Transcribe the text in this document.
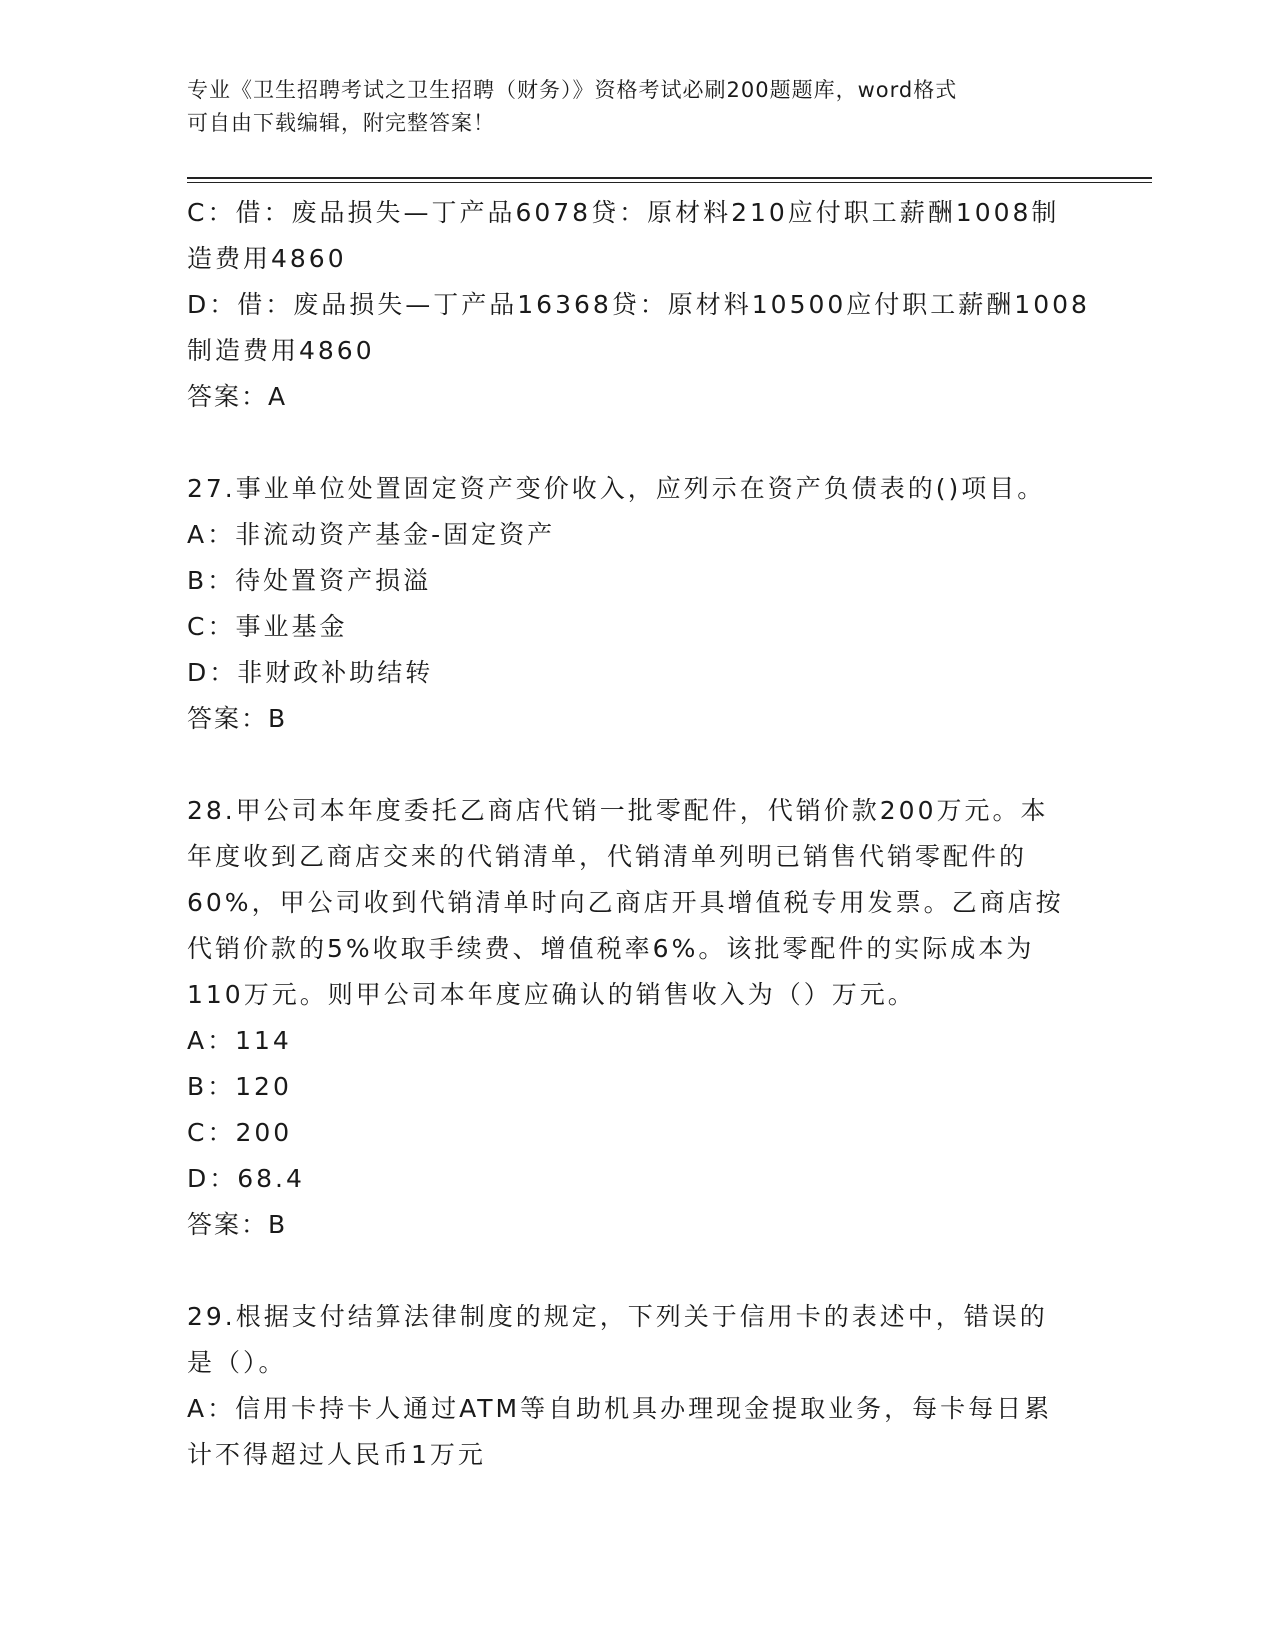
专业《卫生招聘考试之卫生招聘（财务）》资格考试必刷200题题库，word格式
可自由下载编辑，附完整答案！
C：借：废品损失—丁产品6078贷：原材料210应付职工薪酬1008制
造费用4860
D：借：废品损失—丁产品16368贷：原材料10500应付职工薪酬1008
制造费用4860
答案：A
27.事业单位处置固定资产变价收入，应列示在资产负债表的()项目。
A：非流动资产基金-固定资产
B：待处置资产损溢
C：事业基金
D：非财政补助结转
答案：B
28.甲公司本年度委托乙商店代销一批零配件，代销价款200万元。本
年度收到乙商店交来的代销清单，代销清单列明已销售代销零配件的
60%，甲公司收到代销清单时向乙商店开具增值税专用发票。乙商店按
代销价款的5%收取手续费、增值税率6%。该批零配件的实际成本为
110万元。则甲公司本年度应确认的销售收入为（）万元。
A：114
B：120
C：200
D：68.4
答案：B
29.根据支付结算法律制度的规定，下列关于信用卡的表述中，错误的
是（）。
A：信用卡持卡人通过ATM等自助机具办理现金提取业务，每卡每日累
计不得超过人民币1万元
